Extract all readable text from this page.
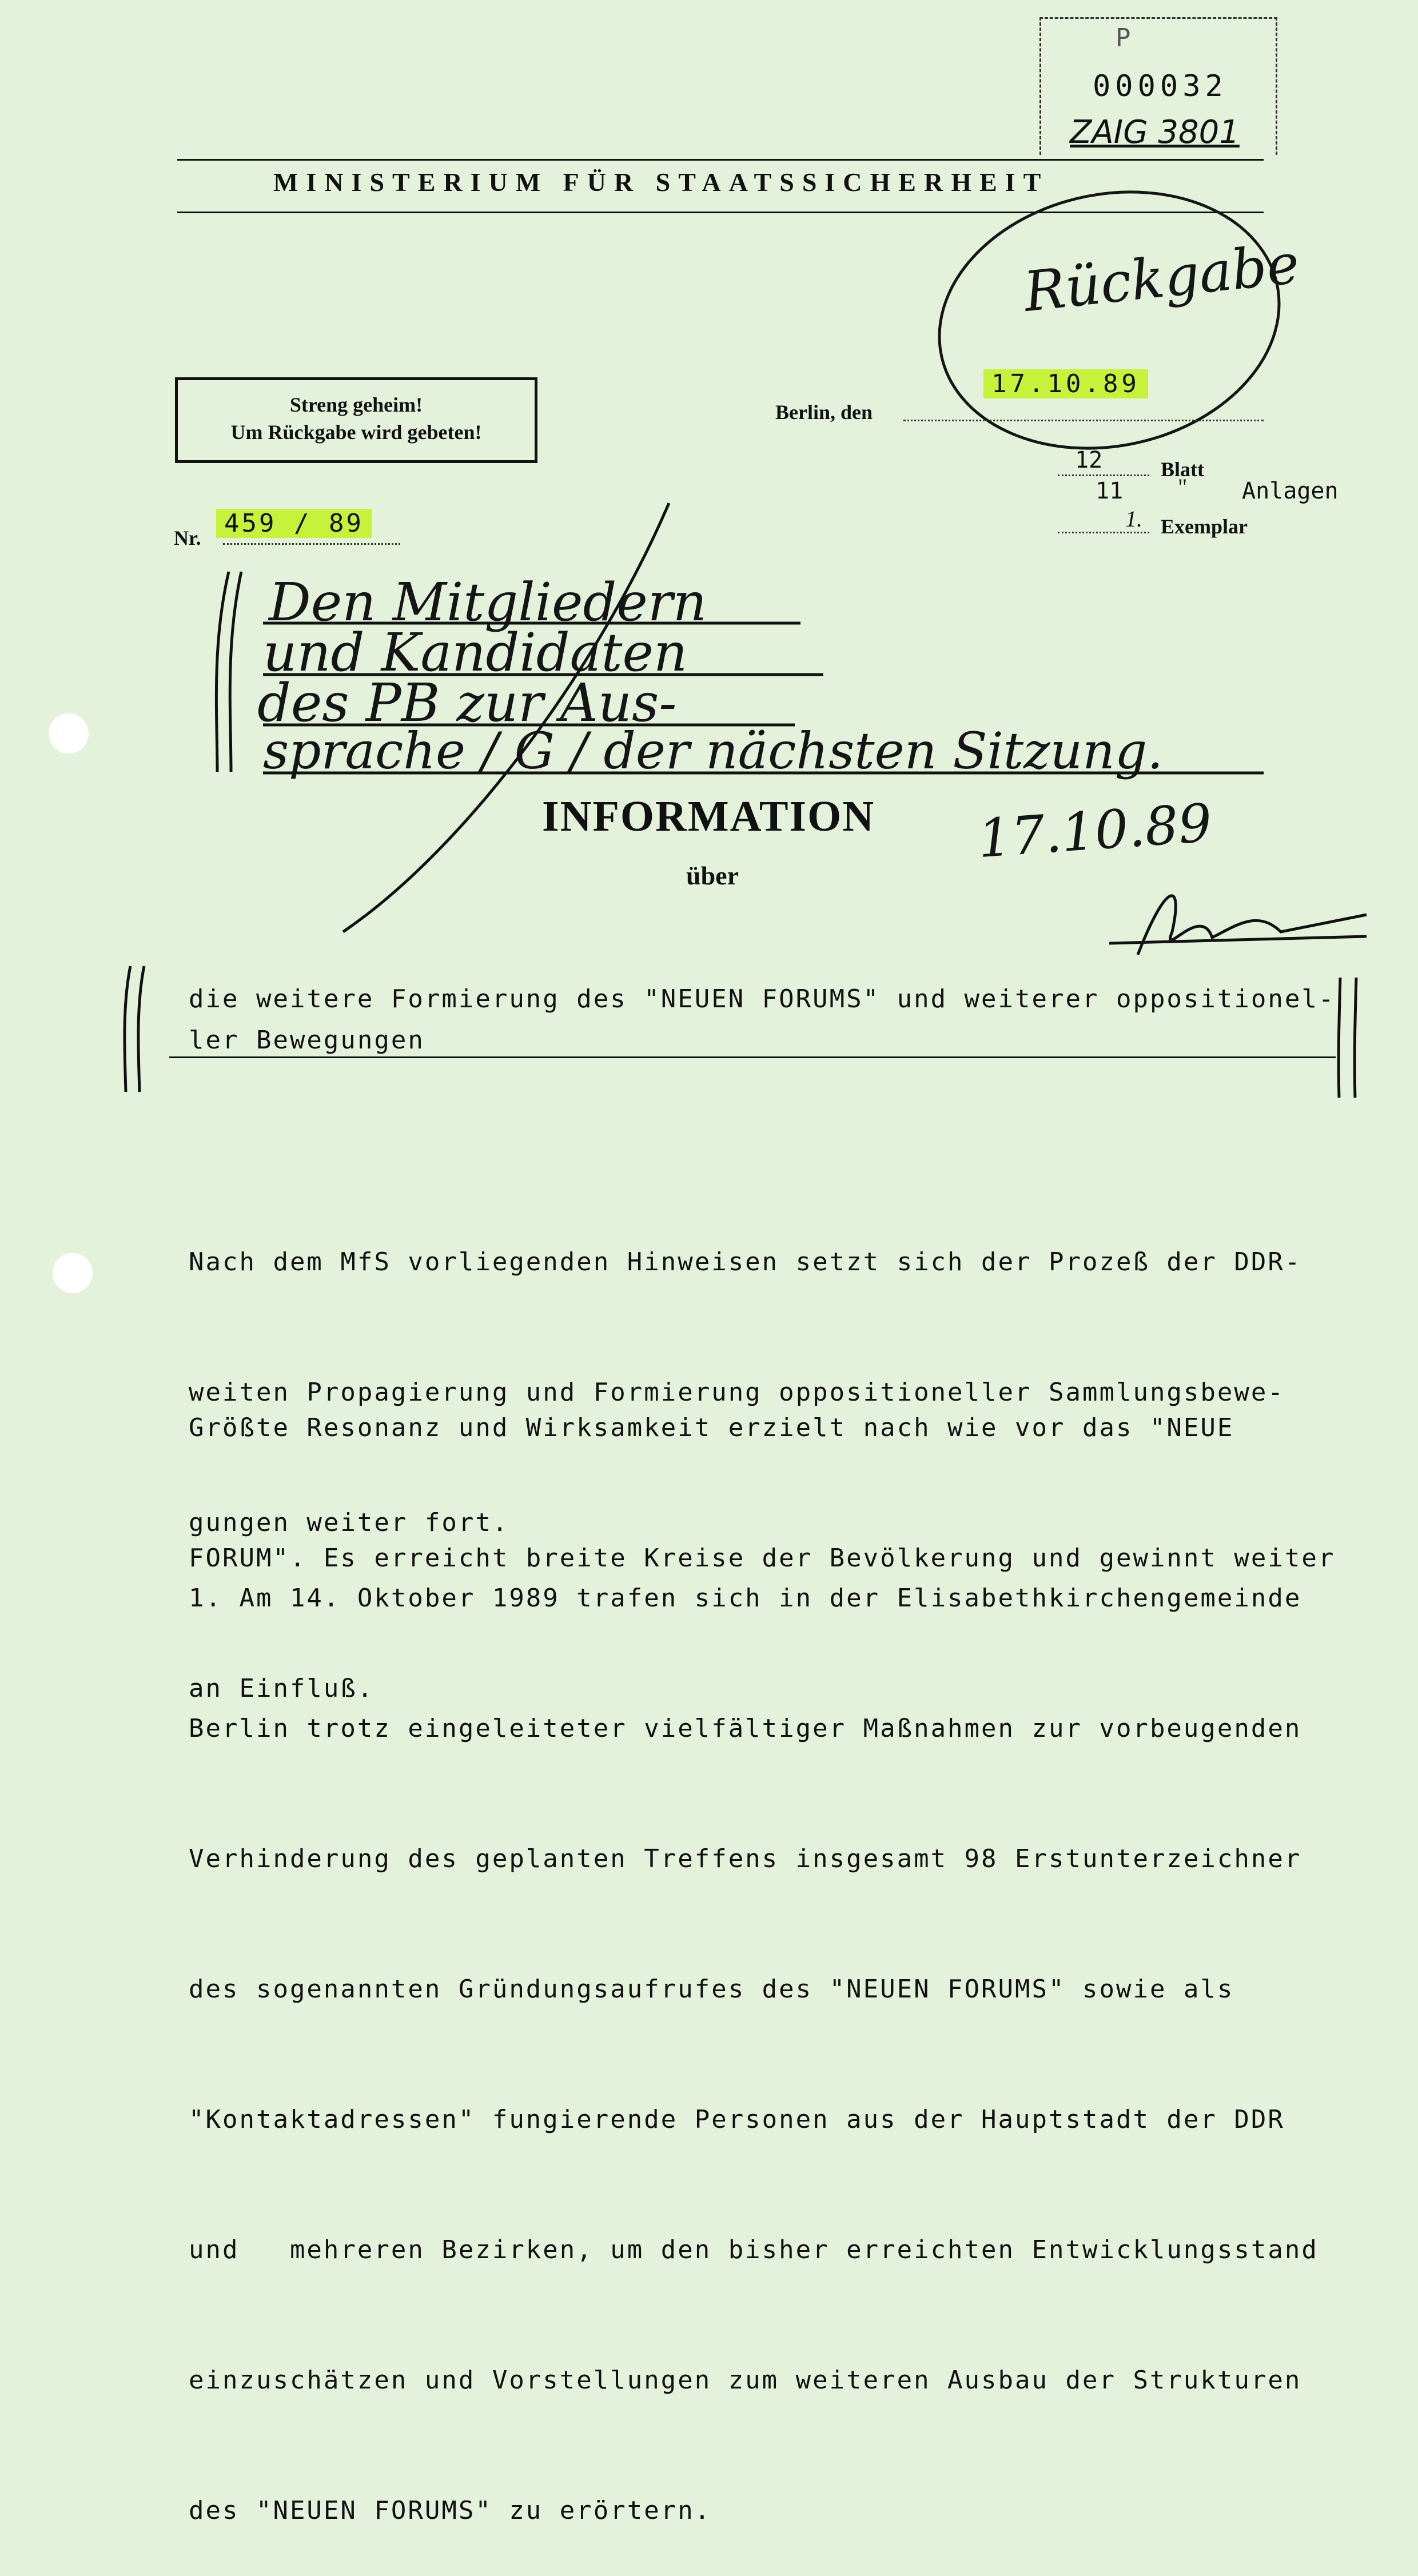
P
000032
ZAIG 3801
MINISTERIUM FÜR STAATSSICHERHEIT
Rückgabe
Streng geheim!
Um Rückgabe wird gebeten!
Berlin, den
17.10.89
12	Blatt
11 " Anlagen
1. Exemplar
Nr. 459 / 89
Den Mitgliedern
und Kandidaten
des PB zur Aus-
sprache / G / der nächsten Sitzung.
INFORMATION
über
17.10.89
die weitere Formierung des "NEUEN FORUMS" und weiterer oppositionel-
ler Bewegungen

Nach dem MfS vorliegenden Hinweisen setzt sich der Prozeß der DDR-

weiten Propagierung und Formierung oppositioneller Sammlungsbewe-

gungen weiter fort.

Größte Resonanz und Wirksamkeit erzielt nach wie vor das "NEUE

FORUM". Es erreicht breite Kreise der Bevölkerung und gewinnt weiter

an Einfluß.

1. Am 14. Oktober 1989 trafen sich in der Elisabethkirchengemeinde

Berlin trotz eingeleiteter vielfältiger Maßnahmen zur vorbeugenden

Verhinderung des geplanten Treffens insgesamt 98 Erstunterzeichner

des sogenannten Gründungsaufrufes des "NEUEN FORUMS" sowie als

"Kontaktadressen" fungierende Personen aus der Hauptstadt der DDR

und   mehreren Bezirken, um den bisher erreichten Entwicklungsstand

einzuschätzen und Vorstellungen zum weiteren Ausbau der Strukturen

des "NEUEN FORUMS" zu erörtern.
